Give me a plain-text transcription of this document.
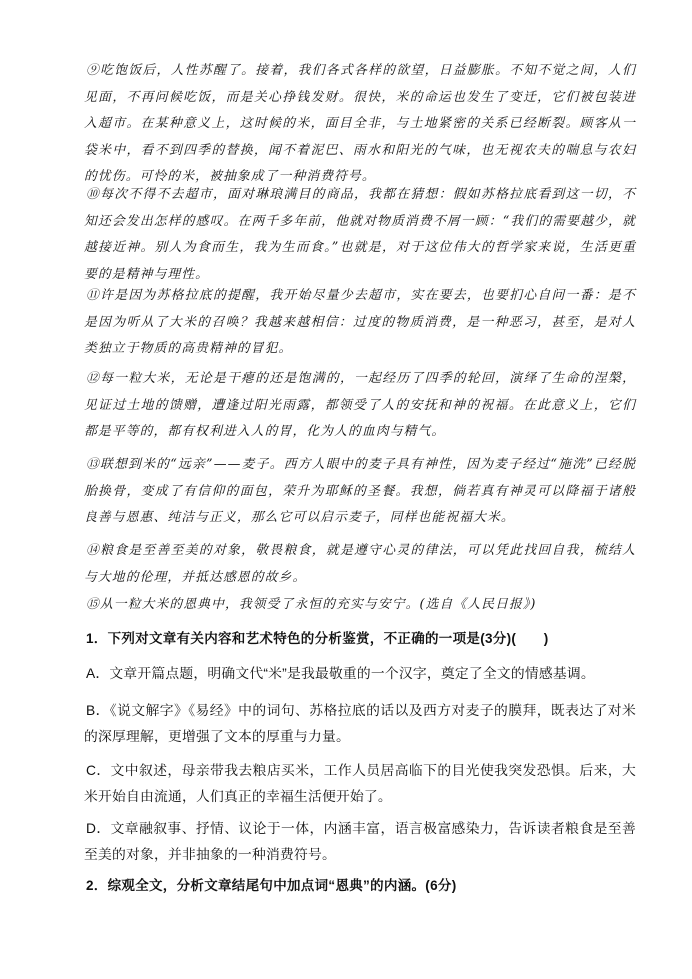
⑨吃饱饭后，人性苏醒了。接着，我们各式各样的欲望，日益膨胀。不知不觉之间，人们见面，不再问候吃饭，而是关心挣钱发财。很快，米的命运也发生了变迁，它们被包装进入超市。在某种意义上，这时候的米，面目全非，与土地紧密的关系已经断裂。顾客从一袋米中，看不到四季的替换，闻不着泥巴、雨水和阳光的气味，也无视农夫的喘息与农妇的忧伤。可怜的米，被抽象成了一种消费符号。

⑩每次不得不去超市，面对琳琅满目的商品，我都在猜想：假如苏格拉底看到这一切，不知还会发出怎样的感叹。在两千多年前，他就对物质消费不屑一顾：“我们的需要越少，就越接近神。别人为食而生，我为生而食。”也就是，对于这位伟大的哲学家来说，生活更重要的是精神与理性。

⑪许是因为苏格拉底的提醒，我开始尽量少去超市，实在要去，也要扪心自问一番：是不是因为听从了大米的召唤？我越来越相信：过度的物质消费，是一种恶习，甚至，是对人类独立于物质的高贵精神的冒犯。

⑫每一粒大米，无论是干瘪的还是饱满的，一起经历了四季的轮回，演绎了生命的涅槃，见证过土地的馈赠，遭逢过阳光雨露，都领受了人的安抚和神的祝福。在此意义上，它们都是平等的，都有权利进入人的胃，化为人的血肉与精气。

⑬联想到米的“远亲”——麦子。西方人眼中的麦子具有神性，因为麦子经过“施洗”已经脱胎换骨，变成了有信仰的面包，荣升为耶稣的圣餐。我想，倘若真有神灵可以降福于诸般良善与恩惠、纯洁与正义，那么它可以启示麦子，同样也能祝福大米。

⑭粮食是至善至美的对象，敬畏粮食，就是遵守心灵的律法，可以凭此找回自我，梳结人与大地的伦理，并抵达感恩的故乡。

⑮从一粒大米的恩典中，我领受了永恒的充实与安宁。(选自《人民日报》)

1．下列对文章有关内容和艺术特色的分析鉴赏，不正确的一项是(3分)(　　)

A．文章开篇点题，明确文代“米”是我最敬重的一个汉字，奠定了全文的情感基调。

B．《说文解字》《易经》中的词句、苏格拉底的话以及西方对麦子的膜拜，既表达了对米的深厚理解，更增强了文本的厚重与力量。

C．文中叙述，母亲带我去粮店买米，工作人员居高临下的目光使我突发恐惧。后来，大米开始自由流通，人们真正的幸福生活便开始了。

D．文章融叙事、抒情、议论于一体，内涵丰富，语言极富感染力，告诉读者粮食是至善至美的对象，并非抽象的一种消费符号。

2．综观全文，分析文章结尾句中加点词“恩典”的内涵。(6分)
